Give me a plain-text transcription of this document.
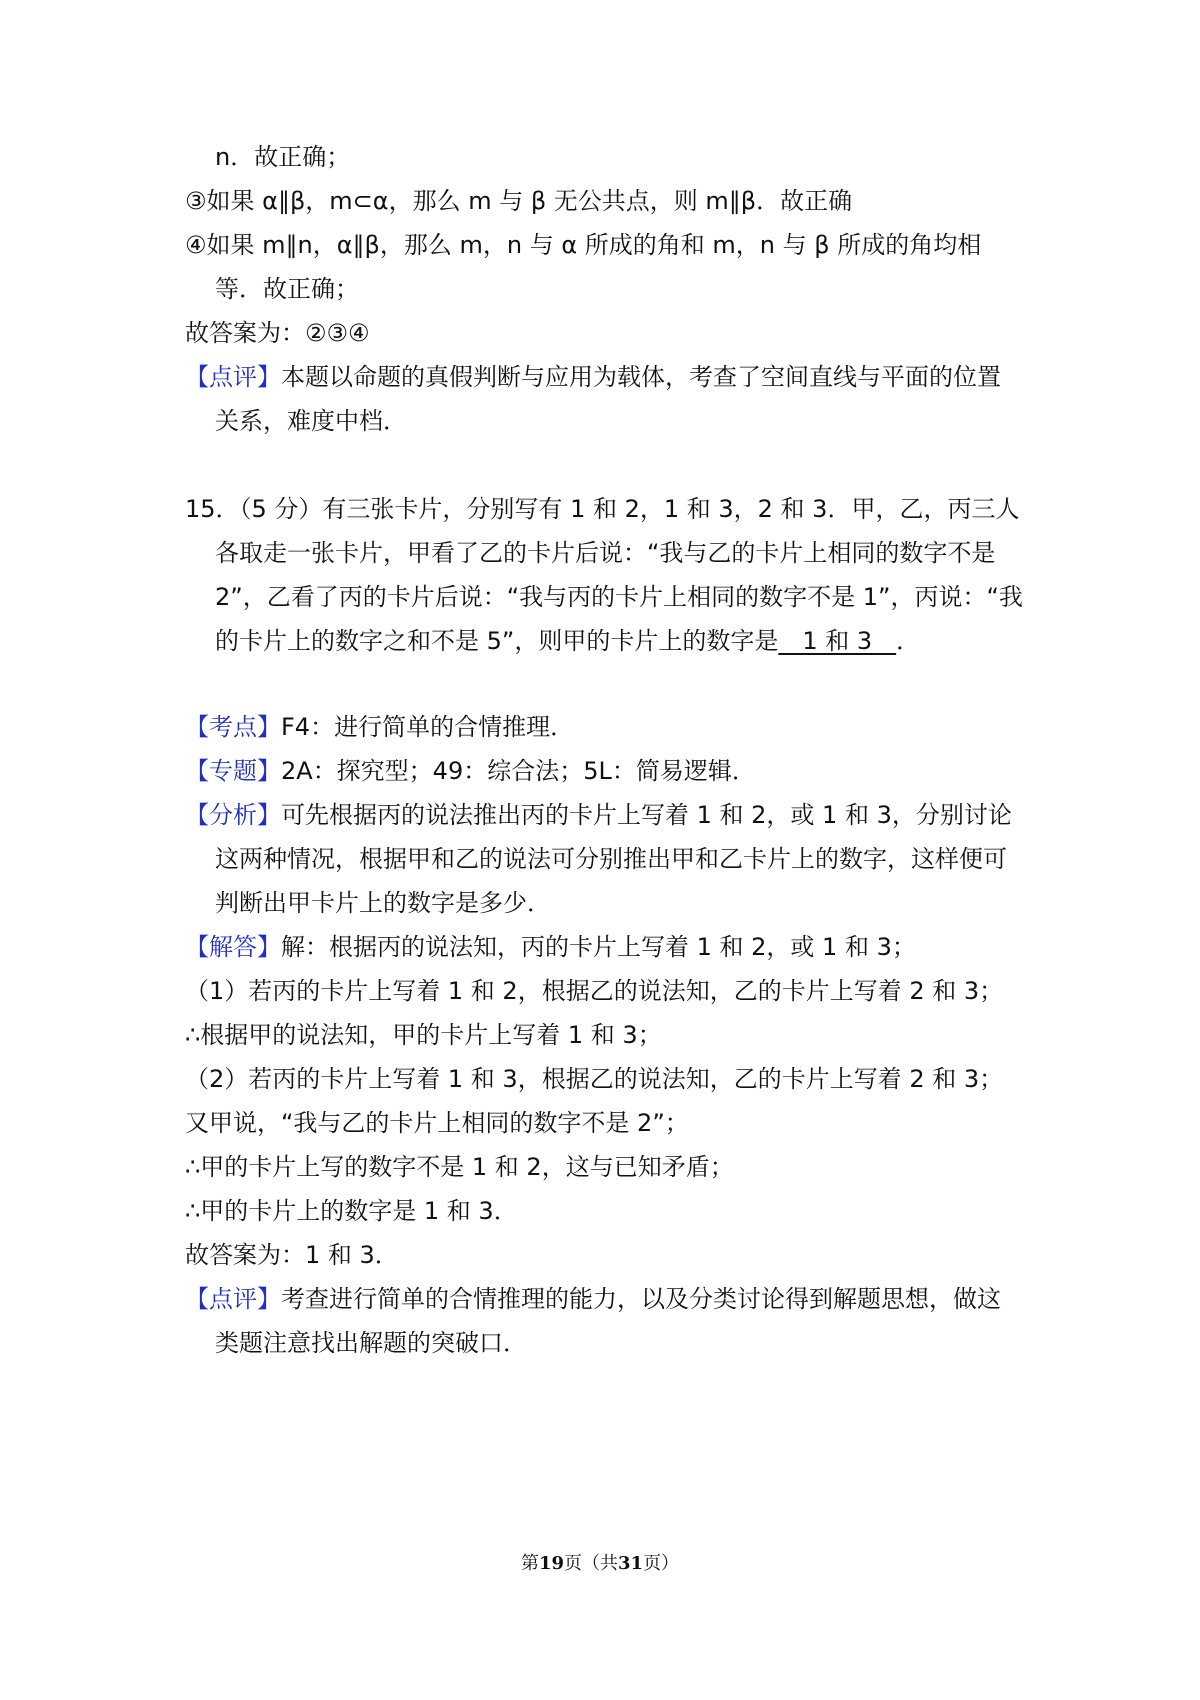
n．故正确；
③如果 α∥β，m⊂α，那么 m 与 β 无公共点，则 m∥β．故正确
④如果 m∥n，α∥β，那么 m，n 与 α 所成的角和 m，n 与 β 所成的角均相
等．故正确；
故答案为：②③④
【点评】本题以命题的真假判断与应用为载体，考查了空间直线与平面的位置
关系，难度中档．
15．（5 分）有三张卡片，分别写有 1 和 2，1 和 3，2 和 3．甲，乙，丙三人
各取走一张卡片，甲看了乙的卡片后说：“我与乙的卡片上相同的数字不是
2”，乙看了丙的卡片后说：“我与丙的卡片上相同的数字不是 1”，丙说：“我
的卡片上的数字之和不是 5”，则甲的卡片上的数字是　1 和 3　．
【考点】F4：进行简单的合情推理．
【专题】2A：探究型；49：综合法；5L：简易逻辑．
【分析】可先根据丙的说法推出丙的卡片上写着 1 和 2，或 1 和 3，分别讨论
这两种情况，根据甲和乙的说法可分别推出甲和乙卡片上的数字，这样便可
判断出甲卡片上的数字是多少．
【解答】解：根据丙的说法知，丙的卡片上写着 1 和 2，或 1 和 3；
（1）若丙的卡片上写着 1 和 2，根据乙的说法知，乙的卡片上写着 2 和 3；
∴根据甲的说法知，甲的卡片上写着 1 和 3；
（2）若丙的卡片上写着 1 和 3，根据乙的说法知，乙的卡片上写着 2 和 3；
又甲说，“我与乙的卡片上相同的数字不是 2”；
∴甲的卡片上写的数字不是 1 和 2，这与已知矛盾；
∴甲的卡片上的数字是 1 和 3．
故答案为：1 和 3．
【点评】考查进行简单的合情推理的能力，以及分类讨论得到解题思想，做这
类题注意找出解题的突破口．
第19页（共31页）
